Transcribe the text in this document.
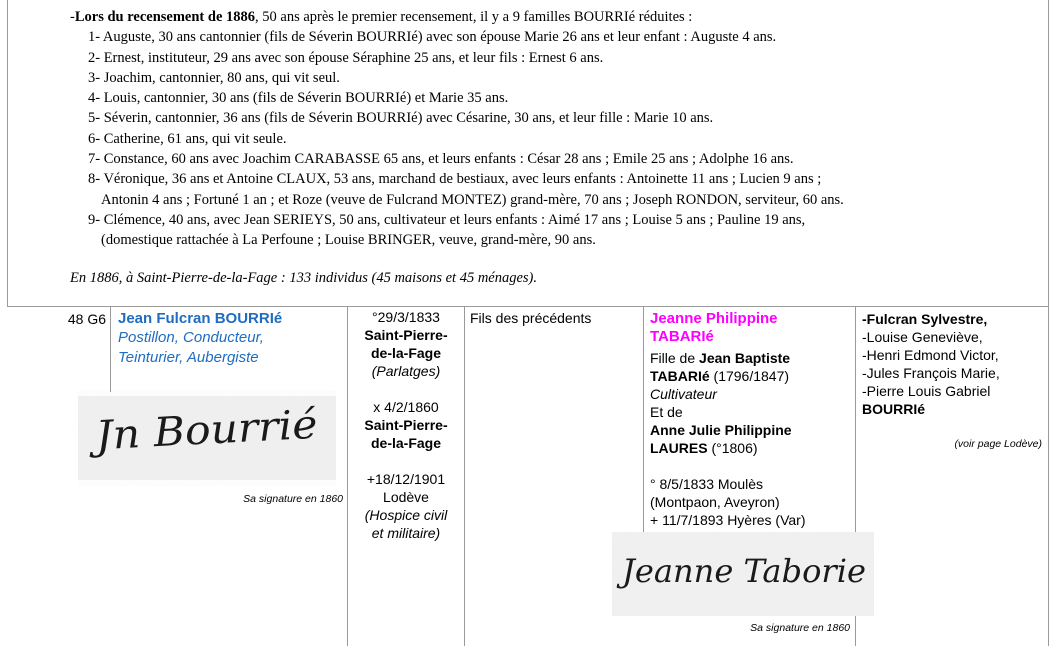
-Lors du recensement de 1886, 50 ans après le premier recensement, il y a 9 familles BOURRIé réduites :
1- Auguste, 30 ans cantonnier (fils de Séverin BOURRIé) avec son épouse Marie 26 ans et leur enfant : Auguste 4 ans.
2- Ernest, instituteur, 29 ans avec son épouse Séraphine 25 ans, et leur fils : Ernest 6 ans.
3- Joachim, cantonnier, 80 ans, qui vit seul.
4- Louis, cantonnier, 30 ans (fils de Séverin BOURRIé) et Marie 35 ans.
5- Séverin, cantonnier, 36 ans (fils de Séverin BOURRIé) avec Césarine, 30 ans, et leur fille : Marie 10 ans.
6- Catherine, 61 ans, qui vit seule.
7- Constance, 60 ans avec Joachim CARABASSE 65 ans, et leurs enfants : César 28 ans ; Emile 25 ans ; Adolphe 16 ans.
8- Véronique, 36 ans et Antoine CLAUX, 53 ans, marchand de bestiaux, avec leurs enfants : Antoinette 11 ans ; Lucien 9 ans ;
Antonin 4 ans ; Fortuné 1 an ; et Roze (veuve de Fulcrand MONTEZ) grand-mère, 70 ans ; Joseph RONDON, serviteur, 60 ans.
9- Clémence, 40 ans, avec Jean SERIEYS, 50 ans, cultivateur et leurs enfants : Aimé 17 ans ; Louise 5 ans ; Pauline 19 ans,
(domestique rattachée à La Perfoune ; Louise BRINGER, veuve, grand-mère, 90 ans.
En 1886, à Saint-Pierre-de-la-Fage : 133 individus (45 maisons et 45 ménages).
48 G6 Jean Fulcran BOURRIé
Postillon, Conducteur,
Teinturier, Aubergiste
Jn Bourrié
Sa signature en 1860
°29/3/1833
Saint-Pierre-
de-la-Fage
(Parlatges)
x 4/2/1860
Saint-Pierre-
de-la-Fage
+18/12/1901
Lodève
(Hospice civil
et militaire)
Fils des précédents	Jeanne Philippine
TABARIé
Fille de Jean Baptiste
TABARIé (1796/1847)
Cultivateur
Et de
Anne Julie Philippine
LAURES (°1806)
° 8/5/1833 Moulès
(Montpaon, Aveyron)
+ 11/7/1893 Hyères (Var)
Jeanne Taborie
Sa signature en 1860
-Fulcran Sylvestre,
-Louise Geneviève,
-Henri Edmond Victor,
-Jules François Marie,
-Pierre Louis Gabriel
BOURRIé
(voir page Lodève)
